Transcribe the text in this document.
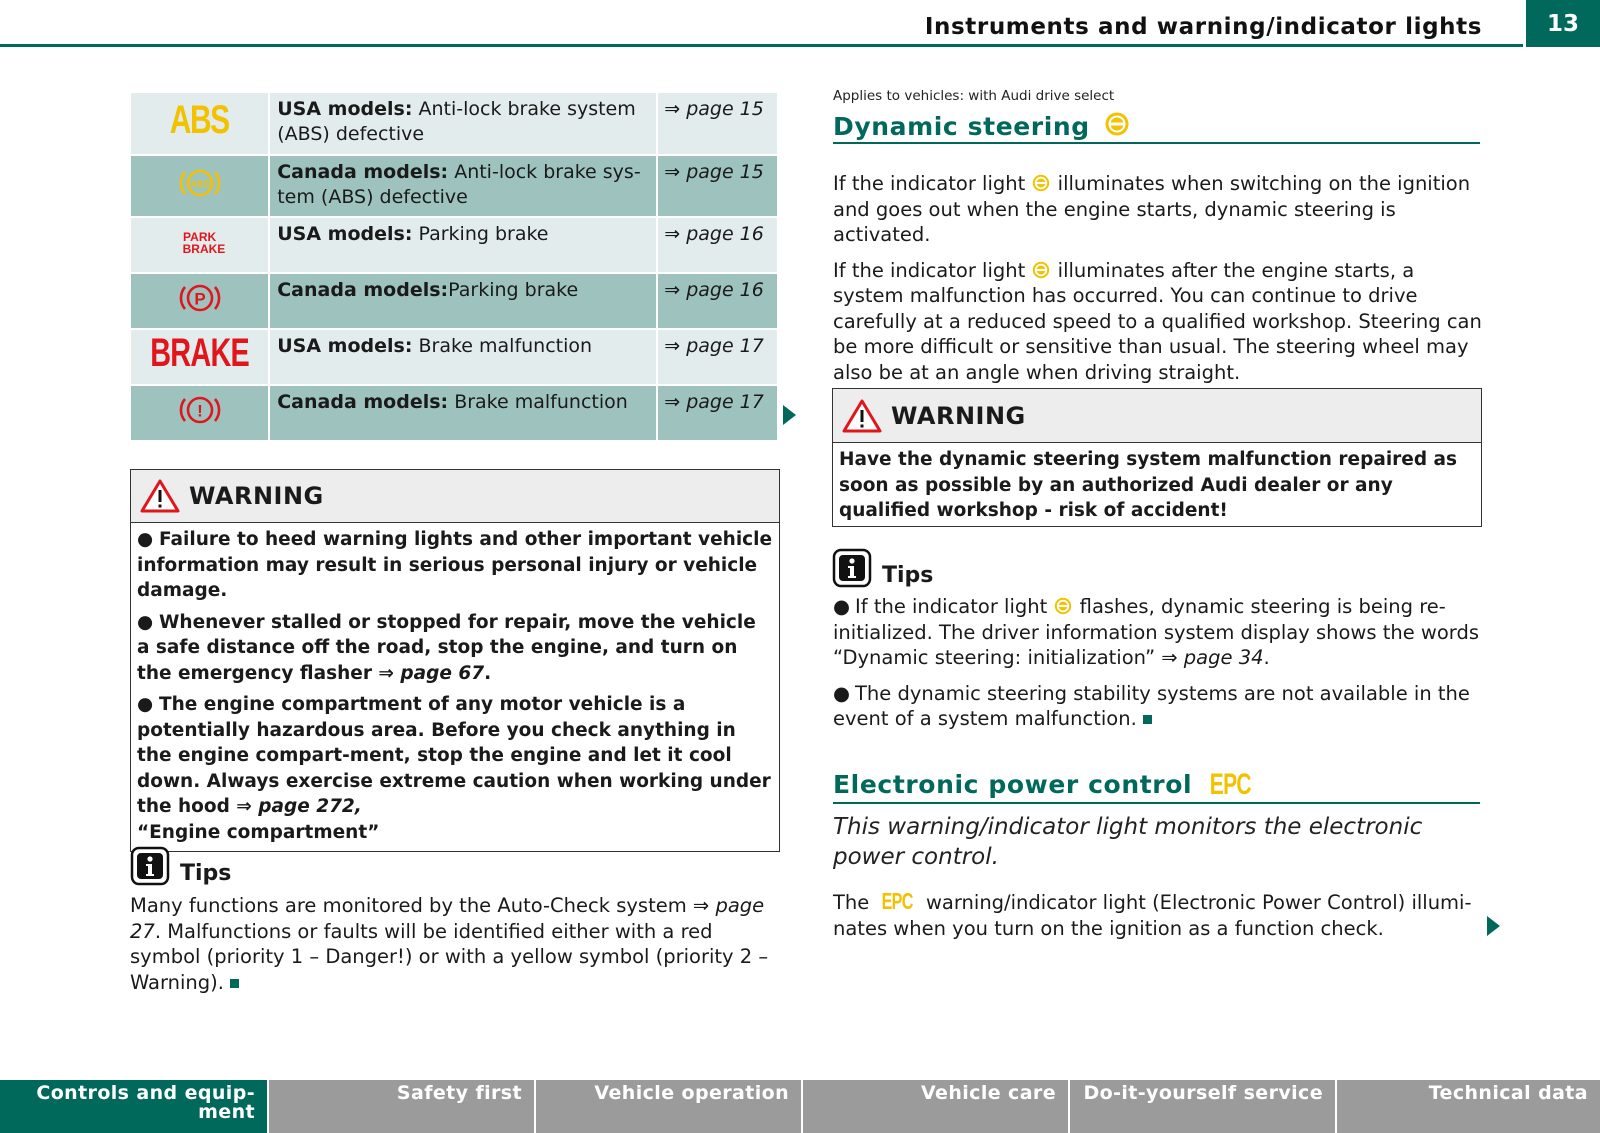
Instruments and warning/indicator lights	13
ABS	USA models: Anti-lock brake system (ABS) defective	⇒ page 15

(ABS)	Canada models: Anti-lock brake sys-tem (ABS) defective	⇒ page 15
PARK
BRAKE	USA models: Parking brake	⇒ page 16

P	Canada models:Parking brake	⇒ page 16
BRAKE	USA models: Brake malfunction	⇒ page 17

!	Canada models: Brake malfunction	⇒ page 17
WARNING

● Failure to heed warning lights and other important vehicle information may result in serious personal injury or vehicle damage.

● Whenever stalled or stopped for repair, move the vehicle a safe distance off the road, stop the engine, and turn on the emergency flasher ⇒ page 67.

● The engine compartment of any motor vehicle is a potentially hazardous area. Before you check anything in the engine compart-ment, stop the engine and let it cool down. Always exercise extreme caution when working under the hood ⇒ page 272,
“Engine compartment”

Tips
Many functions are monitored by the Auto-Check system ⇒ page 27. Malfunctions or faults will be identified either with a red symbol (priority 1 – Danger!) or with a yellow symbol (priority 2 – Warning).
Applies to vehicles: with Audi drive select
Dynamic steering

If the indicator light  illuminates when switching on the ignition and goes out when the engine starts, dynamic steering is activated.

If the indicator light  illuminates after the engine starts, a system malfunction has occurred. You can continue to drive carefully at a reduced speed to a qualified workshop. Steering can be more difficult or sensitive than usual. The steering wheel may also be at an angle when driving straight.

WARNING

Have the dynamic steering system malfunction repaired as soon as possible by an authorized Audi dealer or any qualified workshop - risk of accident!

Tips

● If the indicator light  flashes, dynamic steering is being re-initialized. The driver information system display shows the words “Dynamic steering: initialization” ⇒ page 34.

● The dynamic steering stability systems are not available in the event of a system malfunction.

Electronic power control EPC
This warning/indicator light monitors the electronic power control.
The EPC warning/indicator light (Electronic Power Control) illumi-nates when you turn on the ignition as a function check.
Controls and equip-
ment
Safety first	Vehicle operation	Vehicle care	Do-it-yourself service	Technical data
